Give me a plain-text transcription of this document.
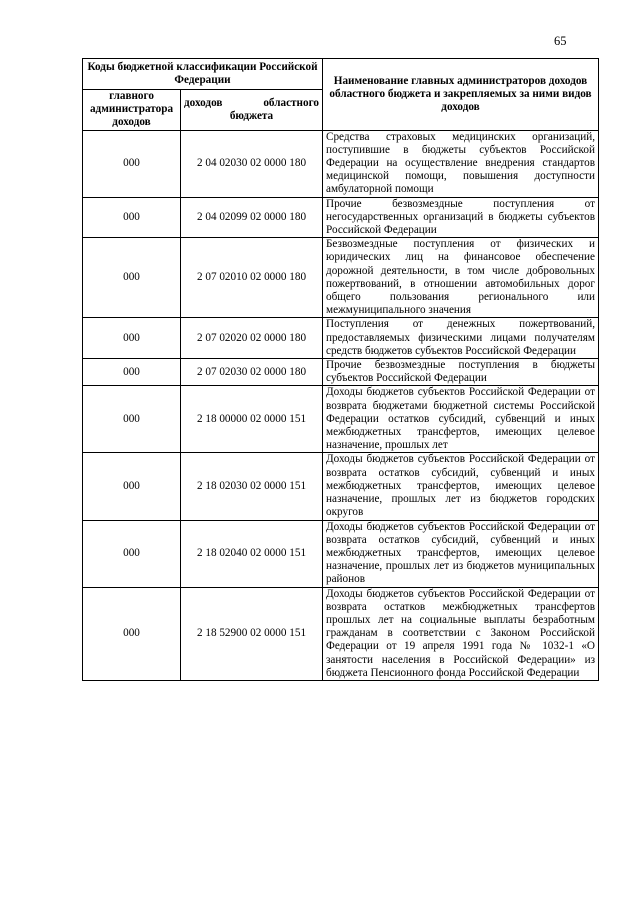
65
Коды бюджетной классификации Российской Федерации		Наименование главных администраторов доходов областного бюджета и закрепляемых за ними видов доходов
главного администратора доходов	доходов областного
бюджета	

000	2 04 02030 02 0000 180	Средства страховых медицинских организаций, поступившие в бюджеты субъектов Российской Федерации на осуществление внедрения стандартов медицинской помощи, повышения доступности амбулаторной помощи
000	2 04 02099 02 0000 180	Прочие безвозмездные поступления от негосударственных организаций в бюджеты субъектов Российской Федерации
000	2 07 02010 02 0000 180	Безвозмездные поступления от физических и юридических лиц на финансовое обеспечение дорожной деятельности, в том числе добровольных пожертвований, в отношении автомобильных дорог общего пользования регионального или межмуниципального значения
000	2 07 02020 02 0000 180	Поступления от денежных пожертвований, предоставляемых физическими лицами получателям средств бюджетов субъектов Российской Федерации
000	2 07 02030 02 0000 180	Прочие безвозмездные поступления в бюджеты субъектов Российской Федерации
000	2 18 00000 02 0000 151	Доходы бюджетов субъектов Российской Федерации от возврата бюджетами бюджетной системы Российской Федерации остатков субсидий, субвенций и иных межбюджетных трансфертов, имеющих целевое назначение, прошлых лет
000	2 18 02030 02 0000 151	Доходы бюджетов субъектов Российской Федерации от возврата остатков субсидий, субвенций и иных межбюджетных трансфертов, имеющих целевое назначение, прошлых лет из бюджетов городских округов
000	2 18 02040 02 0000 151	Доходы бюджетов субъектов Российской Федерации от возврата остатков субсидий, субвенций и иных межбюджетных трансфертов, имеющих целевое назначение, прошлых лет из бюджетов муниципальных районов
000	2 18 52900 02 0000 151	Доходы бюджетов субъектов Российской Федерации от возврата остатков межбюджетных трансфертов прошлых лет на социальные выплаты безработным гражданам в соответствии с Законом Российской Федерации от 19 апреля 1991 года № 1032-1 «О занятости населения в Российской Федерации» из бюджета Пенсионного фонда Российской Федерации
